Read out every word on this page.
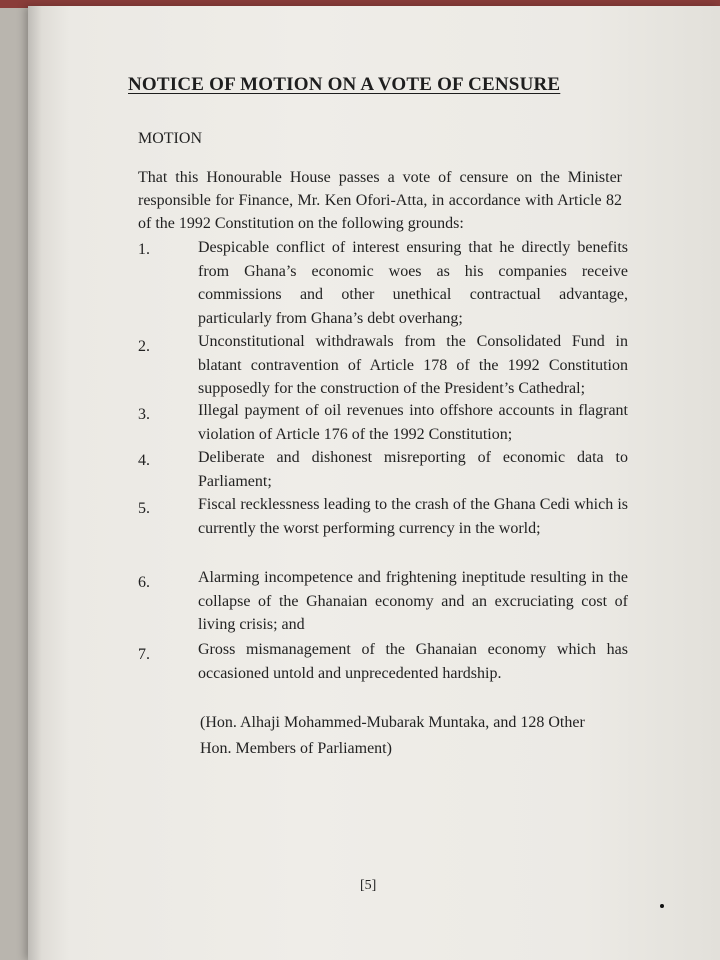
NOTICE OF MOTION ON A VOTE OF CENSURE
MOTION
That this Honourable House passes a vote of censure on the Minister responsible for Finance, Mr. Ken Ofori-Atta, in accordance with Article 82 of the 1992 Constitution on the following grounds:
1.	Despicable conflict of interest ensuring that he directly benefits from Ghana’s economic woes as his companies receive commissions and other unethical contractual advantage, particularly from Ghana’s debt overhang;
2.	Unconstitutional withdrawals from the Consolidated Fund in blatant contravention of Article 178 of the 1992 Constitution supposedly for the construction of the President’s Cathedral;
3.	Illegal payment of oil revenues into offshore accounts in flagrant violation of Article 176 of the 1992 Constitution;
4.	Deliberate and dishonest misreporting of economic data to Parliament;
5.	Fiscal recklessness leading to the crash of the Ghana Cedi which is currently the worst performing currency in the world;
6.	Alarming incompetence and frightening ineptitude resulting in the collapse of the Ghanaian economy and an excruciating cost of living crisis; and
7.	Gross mismanagement of the Ghanaian economy which has occasioned untold and unprecedented hardship.
(Hon. Alhaji Mohammed-Mubarak Muntaka, and 128 Other
Hon. Members of Parliament)
[5]
